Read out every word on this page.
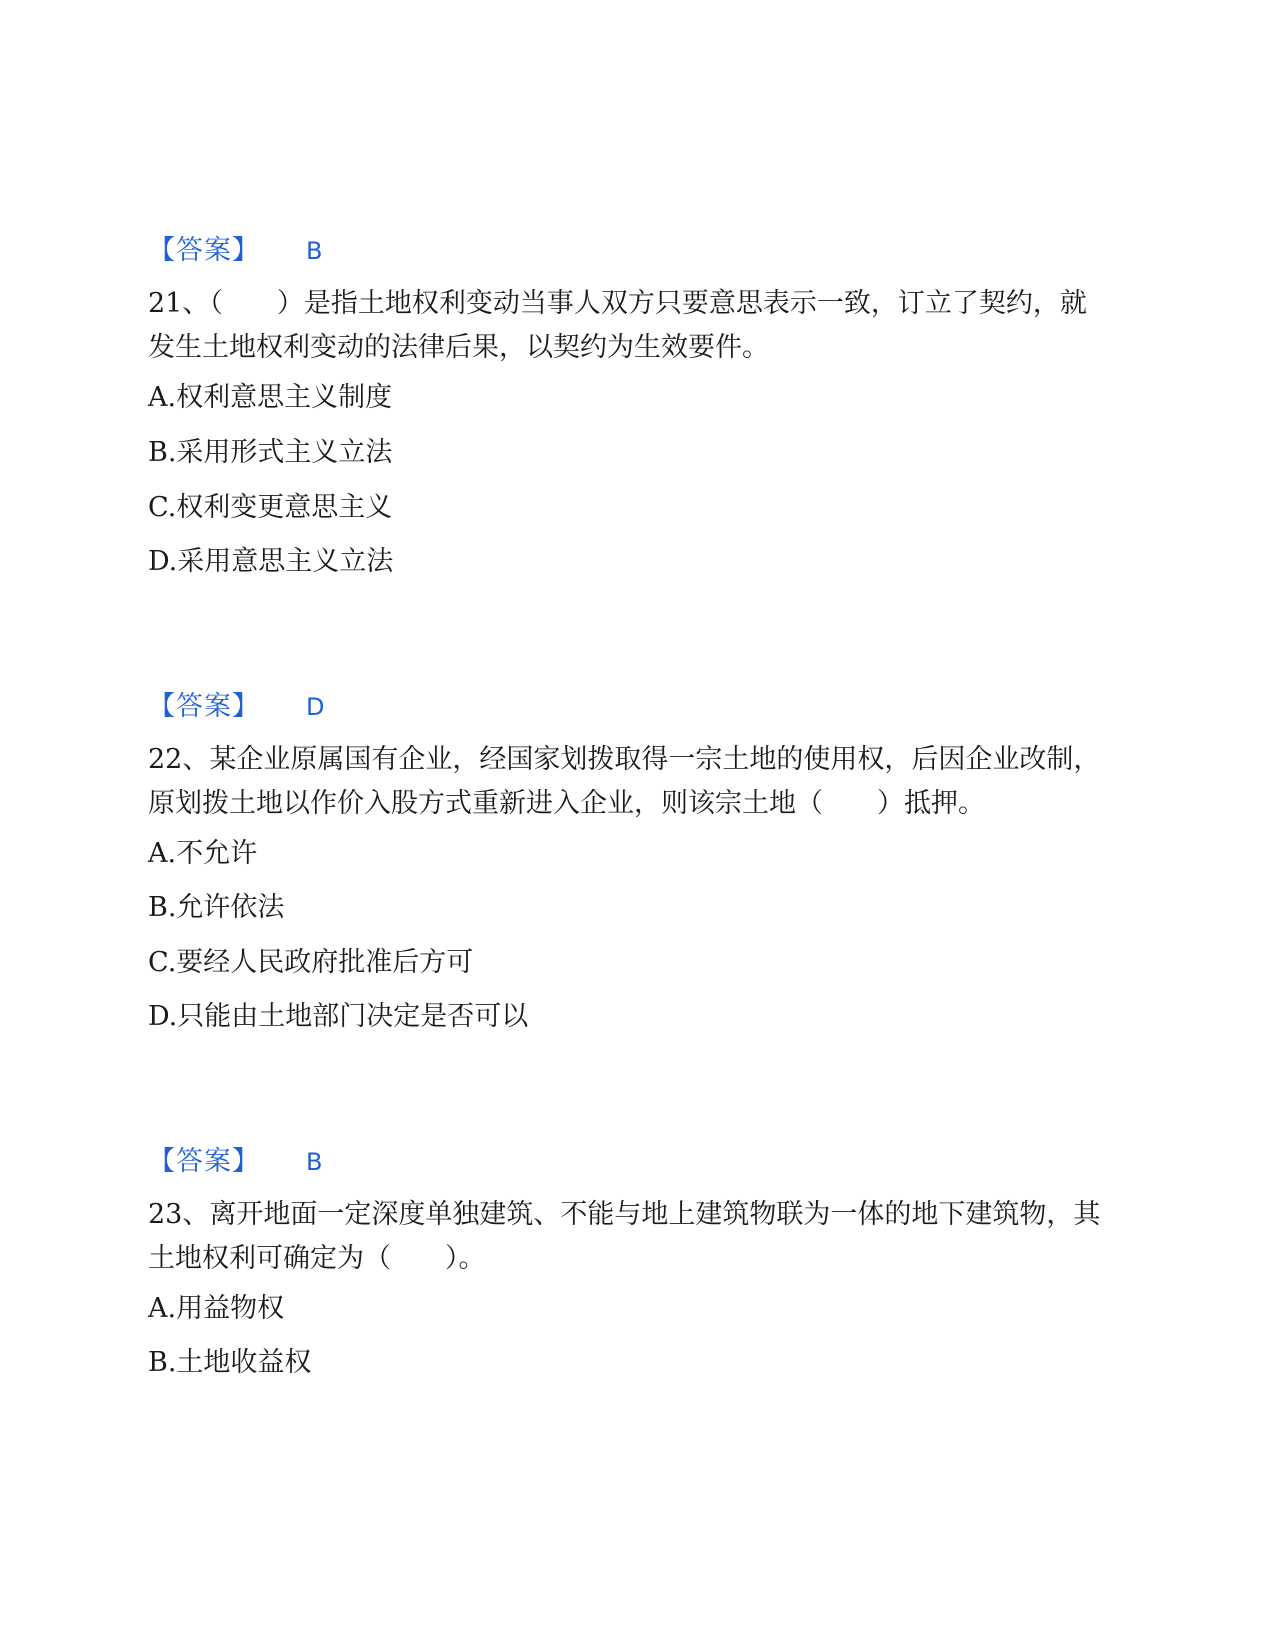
【答案】 B
21、（　　）是指土地权利变动当事人双方只要意思表示一致，订立了契约，就发生土地权利变动的法律后果，以契约为生效要件。
A.权利意思主义制度
B.采用形式主义立法
C.权利变更意思主义
D.采用意思主义立法
【答案】 D
22、某企业原属国有企业，经国家划拨取得一宗土地的使用权，后因企业改制，原划拨土地以作价入股方式重新进入企业，则该宗土地（　　）抵押。
A.不允许
B.允许依法
C.要经人民政府批准后方可
D.只能由土地部门决定是否可以
【答案】 B
23、离开地面一定深度单独建筑、不能与地上建筑物联为一体的地下建筑物，其土地权利可确定为（　　）。
A.用益物权
B.土地收益权
